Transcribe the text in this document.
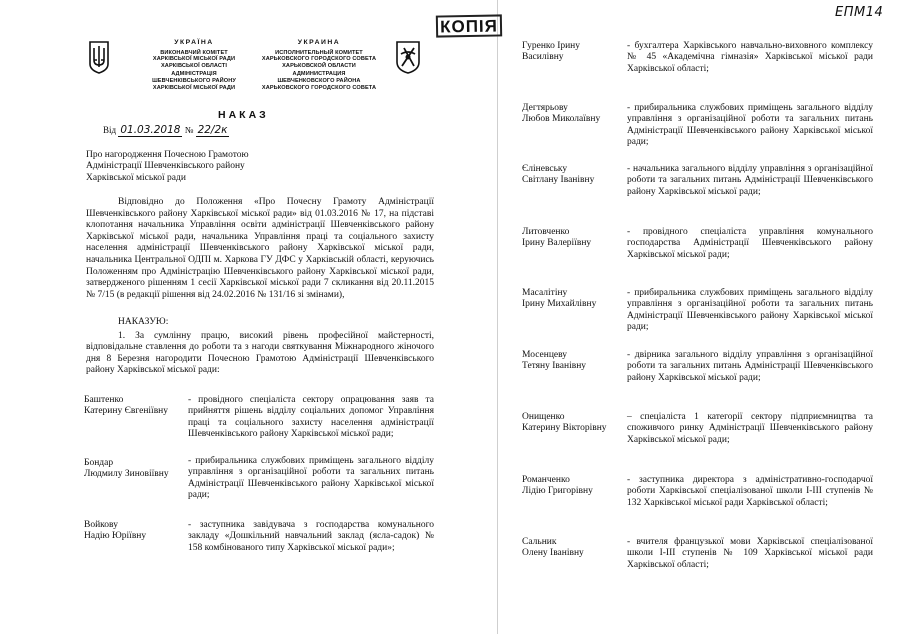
УКРАЇНА
ВИКОНАВЧИЙ КОМІТЕТ
ХАРКІВСЬКОЇ МІСЬКОЇ РАДИ
ХАРКІВСЬКОЇ ОБЛАСТІ
АДМІНІСТРАЦІЯ
ШЕВЧЕНКІВСЬКОГО РАЙОНУ
ХАРКІВСЬКОЇ МІСЬКОЇ РАДИ
УКРАИНА
ИСПОЛНИТЕЛЬНЫЙ КОМИТЕТ
ХАРЬКОВСКОГО ГОРОДСКОГО СОВЕТА
ХАРЬКОВСКОЙ ОБЛАСТИ
АДМИНИСТРАЦИЯ
ШЕВЧЕНКОВСКОГО РАЙОНА
ХАРЬКОВСКОГО ГОРОДСКОГО СОВЕТА
КОПІЯ
ЕПМ14
НАКАЗ
Від 01.03.2018 № 22/2к
Про нагородження Почесною Грамотою
Адміністрації Шевченківського району
Харківської міської ради
Відповідно до Положення «Про Почесну Грамоту Адміністрації Шевченківського району Харківської міської ради» від 01.03.2016 № 17, на підставі клопотання начальника Управління освіти адміністрації Шевченківського району Харківської міської ради, начальника Управління праці та соціального захисту населення адміністрації Шевченківського району Харківської міської ради, начальника Центральної ОДПІ м. Харкова ГУ ДФС у Харківській області, керуючись Положенням про Адміністрацію Шевченківського району Харківської міської ради, затвердженого рішенням 1 сесії Харківської міської ради 7 скликання від 20.11.2015 № 7/15 (в редакції рішення від 24.02.2016 № 131/16 зі змінами),
НАКАЗУЮ:
1. За сумлінну працю, високий рівень професійної майстерності, відповідальне ставлення до роботи та з нагоди святкування Міжнародного жіночого дня 8 Березня нагородити Почесною Грамотою Адміністрації Шевченківського району Харківської міської ради:
Баштенко
Катерину Євгеніївну
- провідного спеціаліста сектору опрацювання заяв та прийняття рішень відділу соціальних допомог Управління праці та соціального захисту населення адміністрації Шевченківського району Харківської міської ради;
Бондар
Людмилу Зиновіївну
- прибиральника службових приміщень загального відділу управління з організаційної роботи та загальних питань Адміністрації Шевченківського району Харківської міської ради;
Войкову
Надію Юріївну
- заступника завідувача з господарства комунального закладу «Дошкільний навчальний заклад (ясла-садок) № 158 комбінованого типу Харківської міської ради»;
Гуренко Ірину
Василівну
- бухгалтера Харківського навчально-виховного комплексу № 45 «Академічна гімназія» Харківської міської ради Харківської області;
Дегтярьову
Любов Миколаївну
- прибиральника службових приміщень загального відділу управління з організаційної роботи та загальних питань Адміністрації Шевченківського району Харківської міської ради;
Єліневську
Світлану Іванівну
- начальника загального відділу управління з організаційної роботи та загальних питань Адміністрації Шевченківського району Харківської міської ради;
Литовченко
Ірину Валеріївну
- провідного спеціаліста управління комунального господарства Адміністрації Шевченківського району Харківської міської ради;
Масалітіну
Ірину Михайлівну
- прибиральника службових приміщень загального відділу управління з організаційної роботи та загальних питань Адміністрації Шевченківського району Харківської міської ради;
Мосенцеву
Тетяну Іванівну
- двірника загального відділу управління з організаційної роботи та загальних питань Адміністрації Шевченківського району Харківської міської ради;
Онищенко
Катерину Вікторівну
– спеціаліста 1 категорії сектору підприємництва та споживчого ринку Адміністрації Шевченківського району Харківської міської ради;
Романченко
Лідію Григорівну
- заступника директора з адміністративно-господарчої роботи Харківської спеціалізованої школи І-ІІІ ступенів № 132 Харківської міської ради Харківської області;
Сальник
Олену Іванівну
- вчителя французької мови Харківської спеціалізованої школи І-ІІІ ступенів № 109 Харківської міської ради Харківської області;
